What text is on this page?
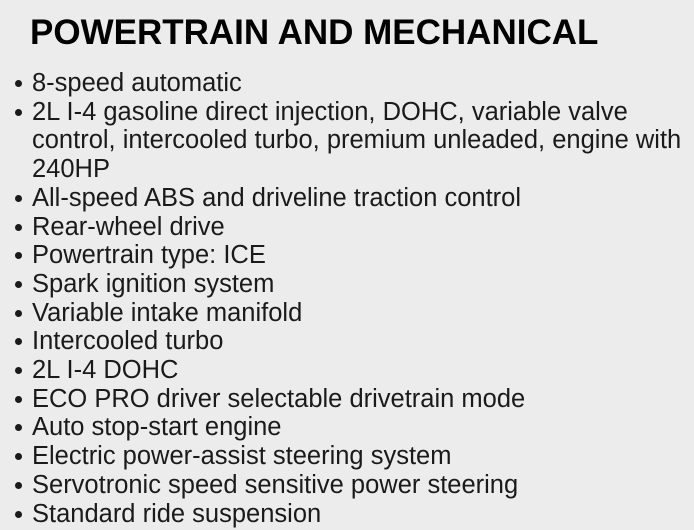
POWERTRAIN AND MECHANICAL
8-speed automatic
2L I-4 gasoline direct injection, DOHC, variable valve control, intercooled turbo, premium unleaded, engine with 240HP
All-speed ABS and driveline traction control
Rear-wheel drive
Powertrain type: ICE
Spark ignition system
Variable intake manifold
Intercooled turbo
2L I-4 DOHC
ECO PRO driver selectable drivetrain mode
Auto stop-start engine
Electric power-assist steering system
Servotronic speed sensitive power steering
Standard ride suspension
